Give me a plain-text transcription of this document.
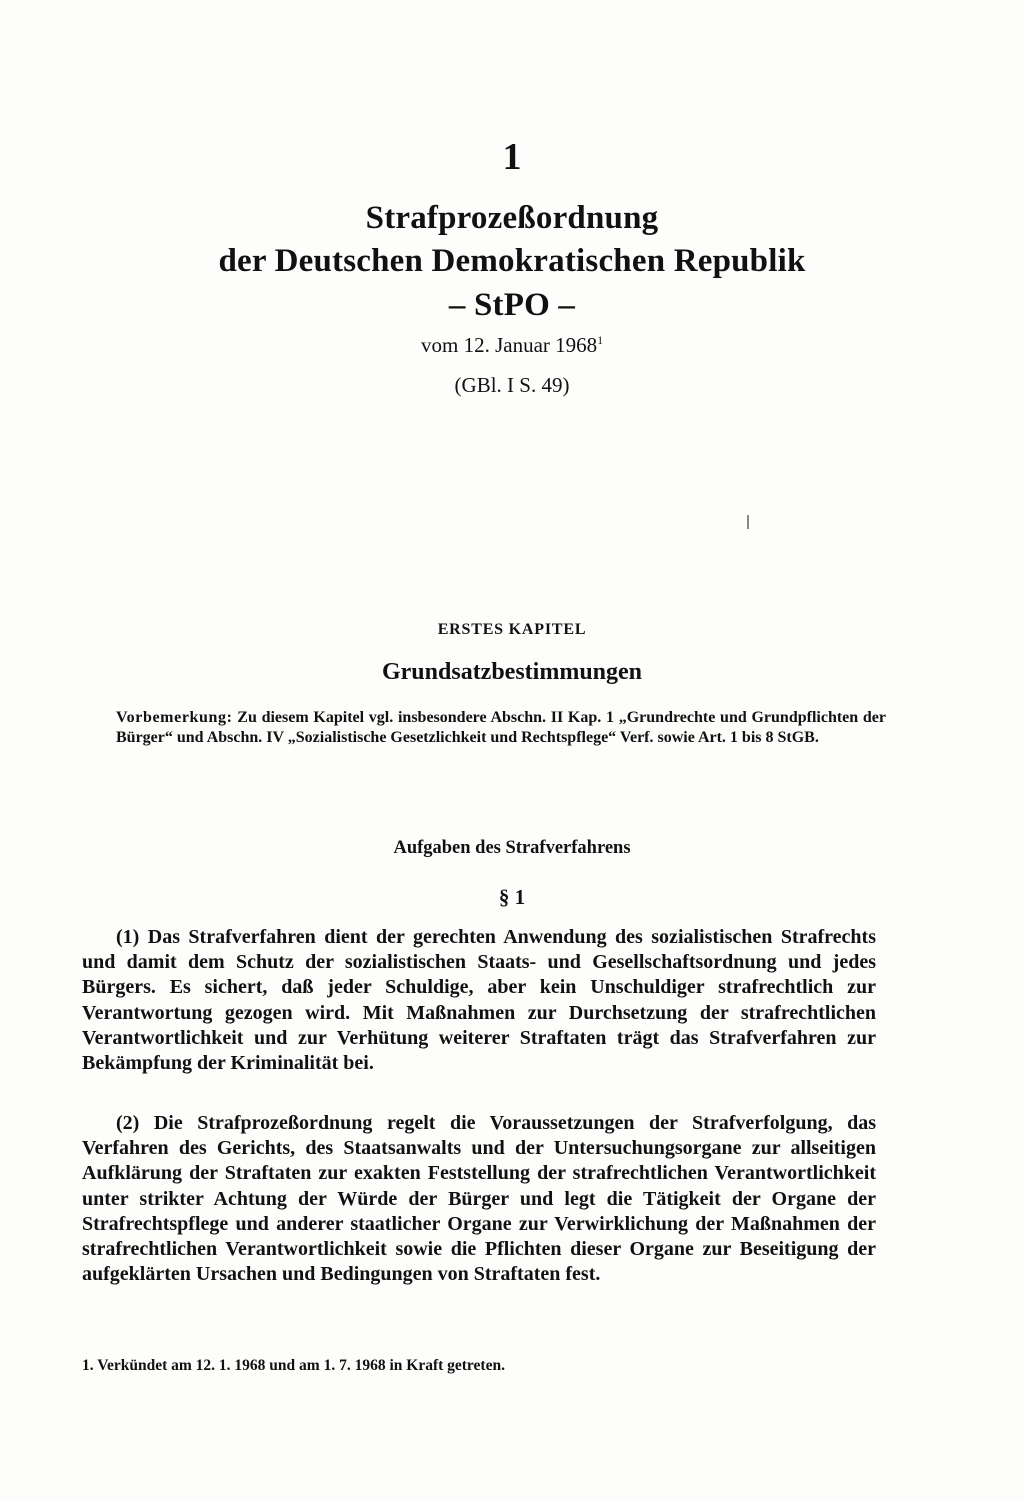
1
Strafprozeßordnung
der Deutschen Demokratischen Republik
– StPO –
vom 12. Januar 1968$^1$
(GBl. I S. 49)
ERSTES KAPITEL
Grundsatzbestimmungen
Vorbemerkung: Zu diesem Kapitel vgl. insbesondere Abschn. II Kap. 1 „Grundrechte und Grundpflichten der Bürger“ und Abschn. IV „Sozialistische Gesetzlichkeit und Rechtspflege“ Verf. sowie Art. 1 bis 8 StGB.
Aufgaben des Strafverfahrens
§ 1
(1) Das Strafverfahren dient der gerechten Anwendung des sozialistischen Strafrechts und damit dem Schutz der sozialistischen Staats- und Gesellschaftsordnung und jedes Bürgers. Es sichert, daß jeder Schuldige, aber kein Unschuldiger strafrechtlich zur Verantwortung gezogen wird. Mit Maßnahmen zur Durchsetzung der strafrechtlichen Verantwortlichkeit und zur Verhütung weiterer Straftaten trägt das Strafverfahren zur Bekämpfung der Kriminalität bei.
(2) Die Strafprozeßordnung regelt die Voraussetzungen der Strafverfolgung, das Verfahren des Gerichts, des Staatsanwalts und der Untersuchungsorgane zur allseitigen Aufklärung der Straftaten zur exakten Feststellung der strafrechtlichen Verantwortlichkeit unter strikter Achtung der Würde der Bürger und legt die Tätigkeit der Organe der Strafrechtspflege und anderer staatlicher Organe zur Verwirklichung der Maßnahmen der strafrechtlichen Verantwortlichkeit sowie die Pflichten dieser Organe zur Beseitigung der aufgeklärten Ursachen und Bedingungen von Straftaten fest.
1. Verkündet am 12. 1. 1968 und am 1. 7. 1968 in Kraft getreten.
